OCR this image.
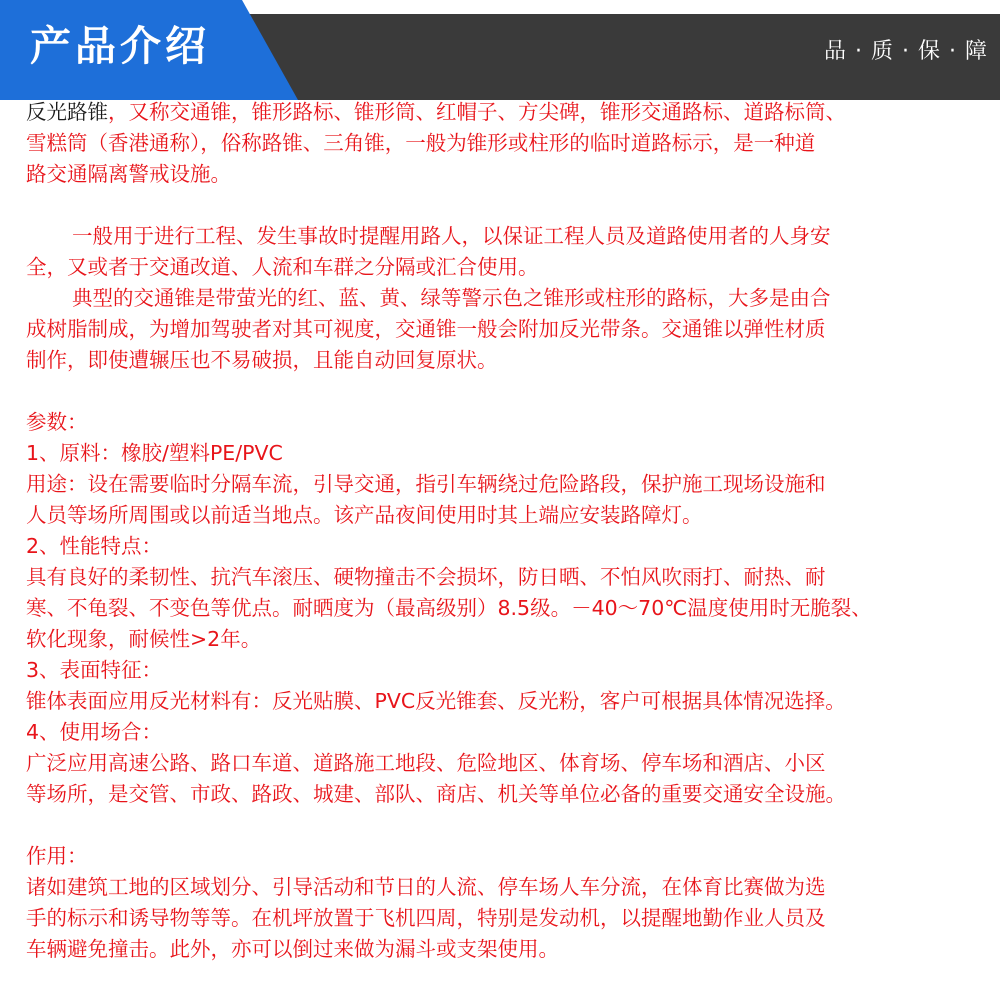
产品介绍	品 · 质 · 保 · 障

反光路锥，又称交通锥，锥形路标、锥形筒、红帽子、方尖碑，锥形交通路标、道路标筒、

雪糕筒（香港通称），俗称路锥、三角锥，一般为锥形或柱形的临时道路标示，是一种道

路交通隔离警戒设施。

一般用于进行工程、发生事故时提醒用路人，以保证工程人员及道路使用者的人身安

全，又或者于交通改道、人流和车群之分隔或汇合使用。

典型的交通锥是带萤光的红、蓝、黄、绿等警示色之锥形或柱形的路标，大多是由合

成树脂制成，为增加驾驶者对其可视度，交通锥一般会附加反光带条。交通锥以弹性材质

制作，即使遭辗压也不易破损，且能自动回复原状。

参数：

1、原料：橡胶/塑料PE/PVC

用途：设在需要临时分隔车流，引导交通，指引车辆绕过危险路段，保护施工现场设施和

人员等场所周围或以前适当地点。该产品夜间使用时其上端应安装路障灯。

2、性能特点：

具有良好的柔韧性、抗汽车滚压、硬物撞击不会损坏，防日晒、不怕风吹雨打、耐热、耐

寒、不龟裂、不变色等优点。耐晒度为（最高级别）8.5级。－40～70℃温度使用时无脆裂、

软化现象，耐候性>2年。

3、表面特征：

锥体表面应用反光材料有：反光贴膜、PVC反光锥套、反光粉，客户可根据具体情况选择。

4、使用场合：

广泛应用高速公路、路口车道、道路施工地段、危险地区、体育场、停车场和酒店、小区

等场所，是交管、市政、路政、城建、部队、商店、机关等单位必备的重要交通安全设施。

作用：

诸如建筑工地的区域划分、引导活动和节日的人流、停车场人车分流，在体育比赛做为选

手的标示和诱导物等等。在机坪放置于飞机四周，特别是发动机，以提醒地勤作业人员及

车辆避免撞击。此外，亦可以倒过来做为漏斗或支架使用。
